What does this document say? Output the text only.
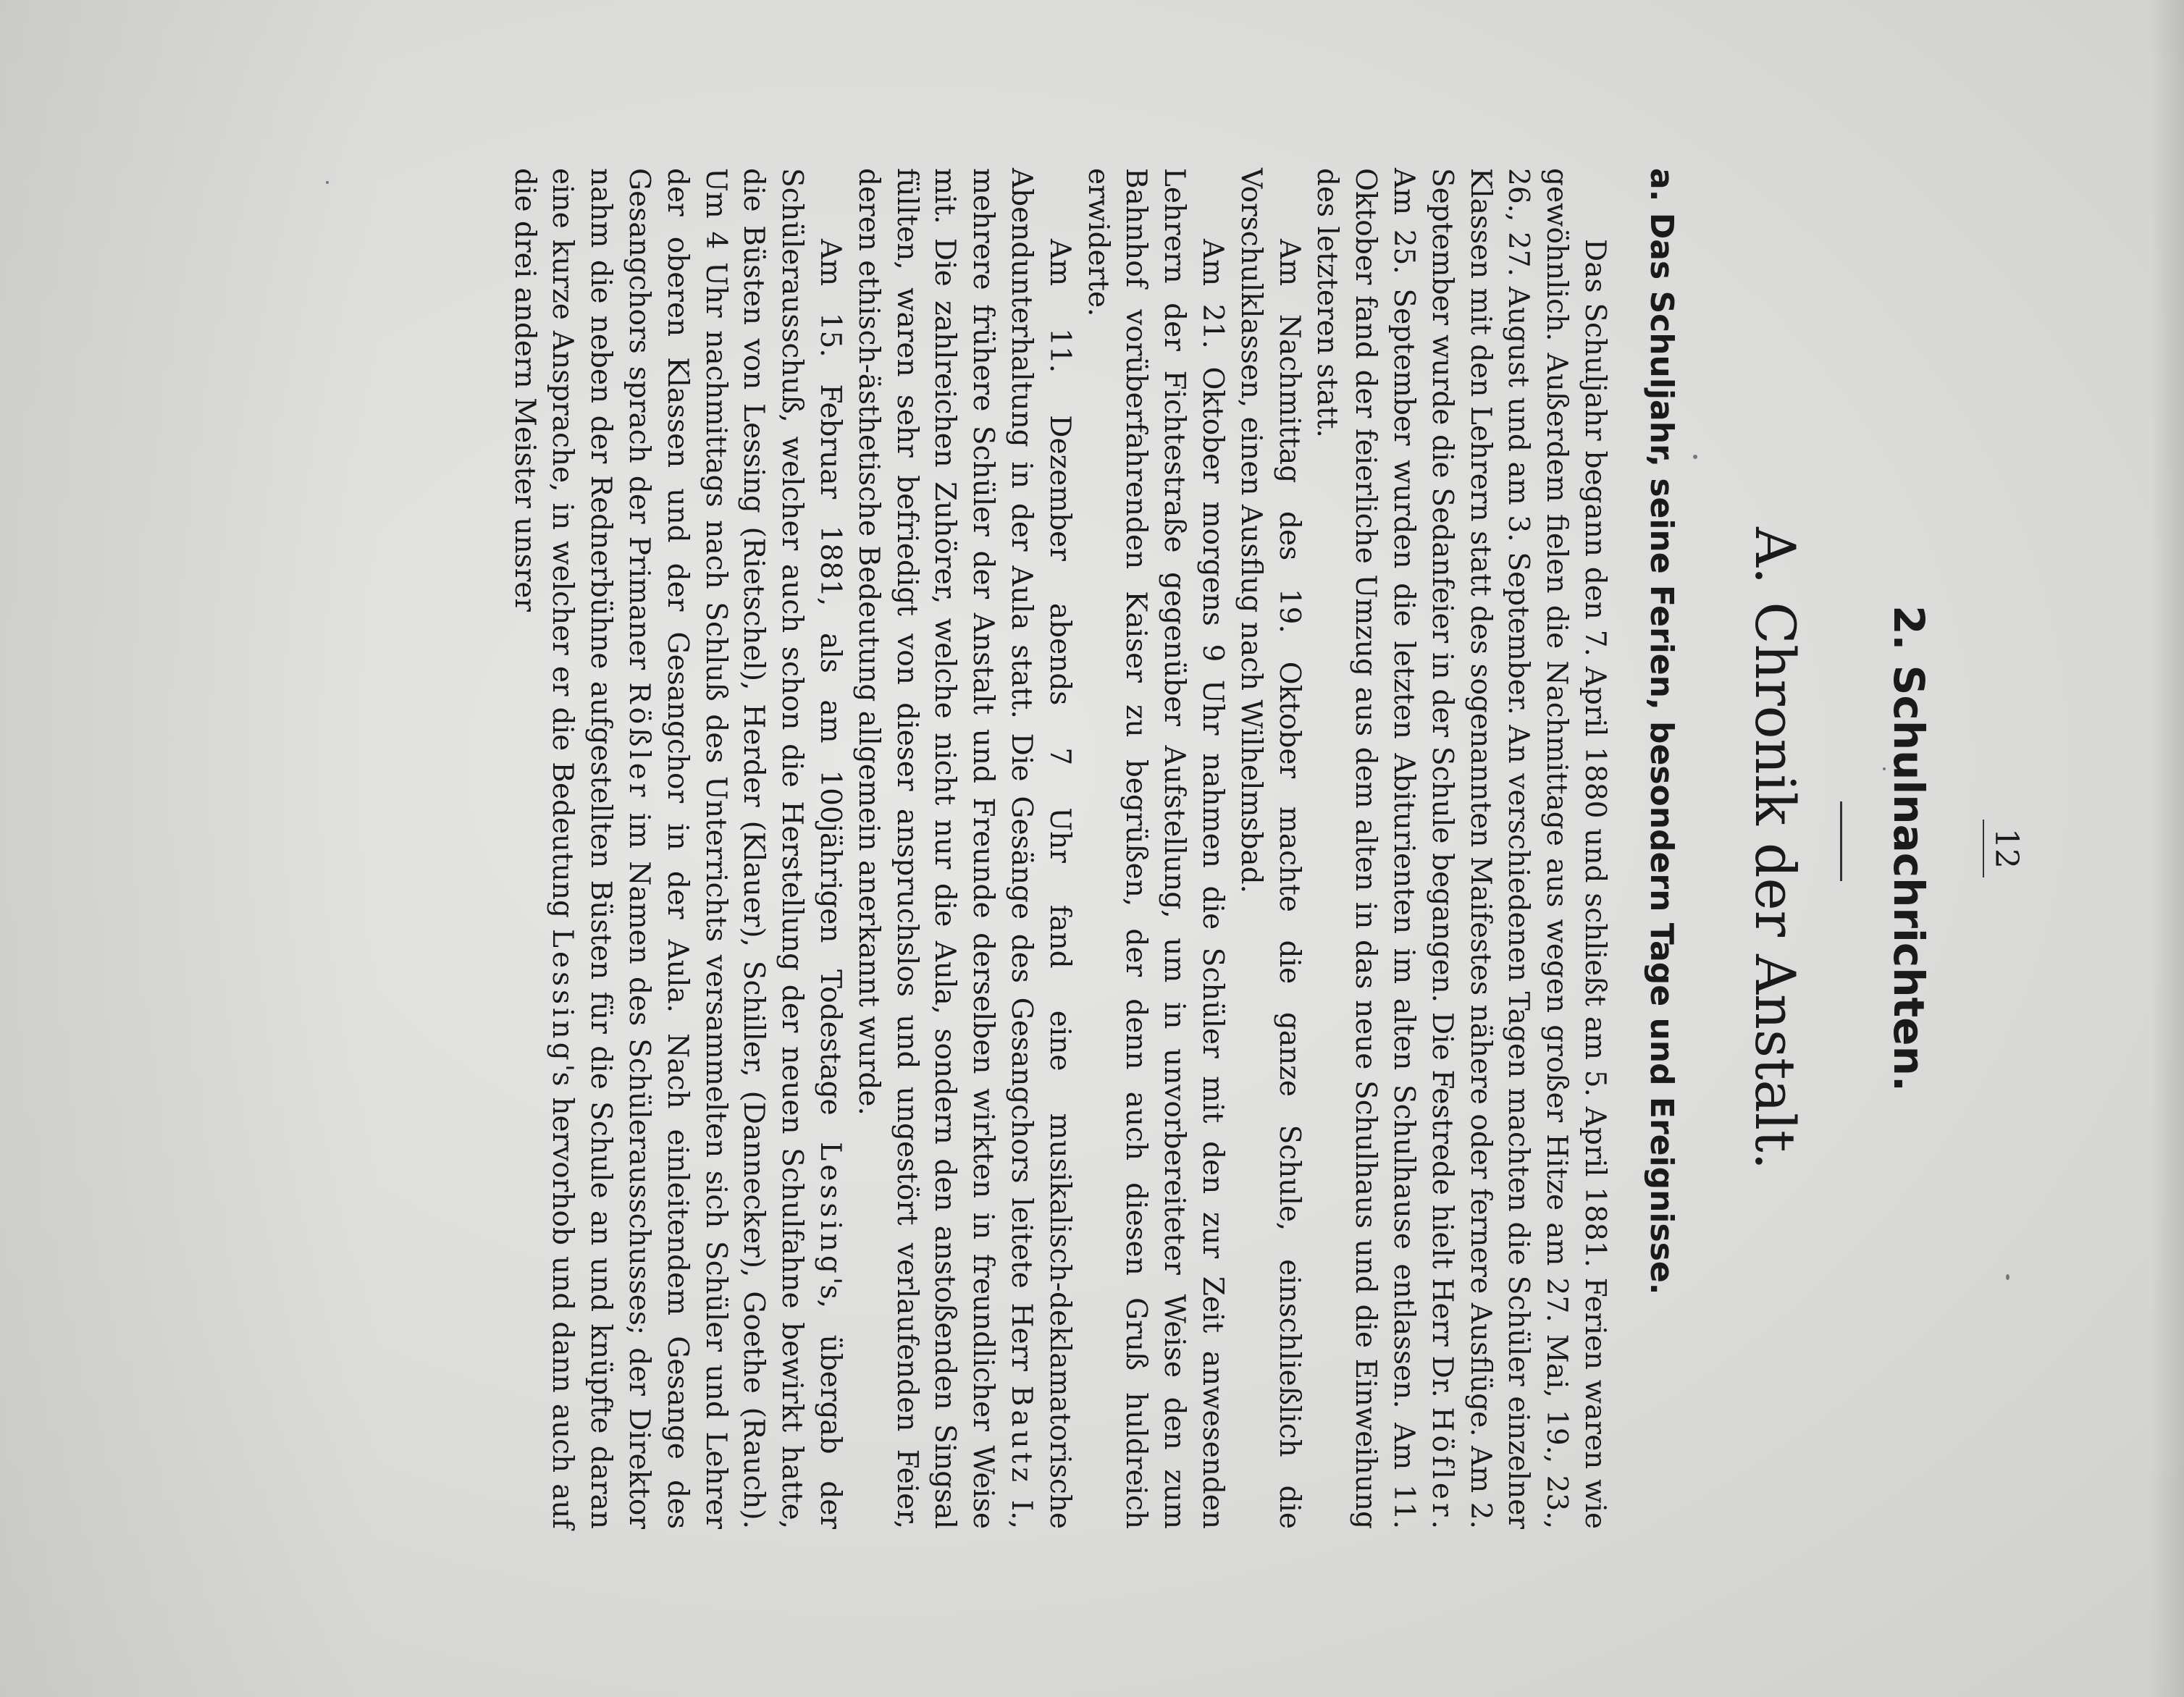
12
2. Schulnachrichten.
A. Chronik der Anstalt.
a. Das Schuljahr, seine Ferien, besondern Tage und Ereignisse.

Das Schuljahr begann den 7. April 1880 und schließt am 5. April 1881. Ferien waren wie gewöhnlich. Außerdem fielen die Nachmittage aus wegen großer Hitze am 27. Mai, 19., 23., 26., 27. August und am 3. September. An verschiedenen Tagen machten die Schüler einzelner Klassen mit den Lehrern statt des sogenannten Maifestes nähere oder fernere Ausflüge. Am 2. September wurde die Sedanfeier in der Schule begangen. Die Festrede hielt Herr Dr. Höfler. Am 25. September wurden die letzten Abiturienten im alten Schulhause entlassen. Am 11. Oktober fand der feierliche Umzug aus dem alten in das neue Schulhaus und die Einweihung des letzteren statt.

Am Nachmittag des 19. Oktober machte die ganze Schule, einschließlich die Vorschulklassen, einen Ausflug nach Wilhelmsbad.

Am 21. Oktober morgens 9 Uhr nahmen die Schüler mit den zur Zeit anwesenden Lehrern der Fichtestraße gegenüber Aufstellung, um in unvorbereiteter Weise den zum Bahnhof vorüberfahrenden Kaiser zu begrüßen, der denn auch diesen Gruß huldreich erwiderte.

Am 11. Dezember abends 7 Uhr fand eine musikalisch-deklamatorische Abendunterhaltung in der Aula statt. Die Gesänge des Gesangchors leitete Herr Bautz I., mehrere frühere Schüler der Anstalt und Freunde derselben wirkten in freundlicher Weise mit. Die zahlreichen Zuhörer, welche nicht nur die Aula, sondern den anstoßenden Singsal füllten, waren sehr befriedigt von dieser anspruchslos und ungestört verlaufenden Feier, deren ethisch-ästhetische Bedeutung allgemein anerkannt wurde.

Am 15. Februar 1881, als am 100jährigen Todestage Lessing's, übergab der Schülerausschuß, welcher auch schon die Herstellung der neuen Schulfahne bewirkt hatte, die Büsten von Lessing (Rietschel), Herder (Klauer), Schiller, (Dannecker), Goethe (Rauch). Um 4 Uhr nachmittags nach Schluß des Unterrichts versammelten sich Schüler und Lehrer der oberen Klassen und der Gesangchor in der Aula. Nach einleitendem Gesange des Gesangchors sprach der Primaner Rößler im Namen des Schülerausschusses; der Direktor nahm die neben der Rednerbühne aufgestellten Büsten für die Schule an und knüpfte daran eine kurze Ansprache, in welcher er die Bedeutung Lessing's hervorhob und dann auch auf die drei andern Meister unsrer
